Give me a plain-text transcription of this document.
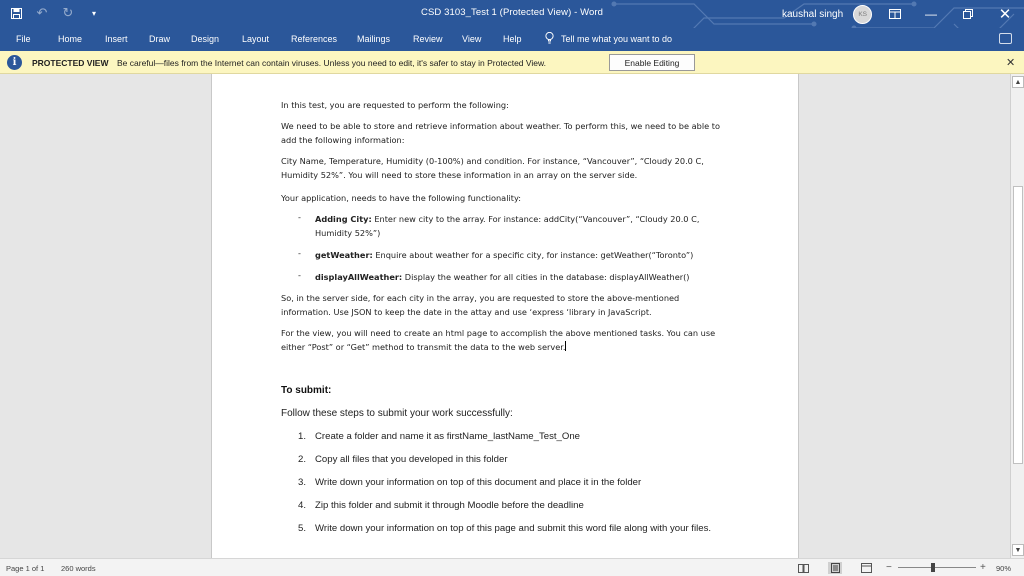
↶ ↻	▾	CSD 3103_Test 1 (Protected View) - Word	kaushal singh	KS	—	✕
File	Home	Insert Draw Design	Layout References Mailings	Review View Help	Tell me what you want to do
i	PROTECTED VIEW Be careful—files from the Internet can contain viruses. Unless you need to edit, it's safer to stay in Protected View.	Enable Editing	✕
In this test, you are requested to perform the following:
We need to be able to store and retrieve information about weather. To perform this, we need to be able to add the following information:
City Name, Temperature, Humidity (0-100%) and condition. For instance, “Vancouver”, “Cloudy 20.0 C, Humidity 52%”. You will need to store these information in an array on the server side.
Your application, needs to have the following functionality:
-	Adding City: Enter new city to the array. For instance: addCity(“Vancouver”, “Cloudy 20.0 C, Humidity 52%”)
-	getWeather: Enquire about weather for a specific city, for instance: getWeather(“Toronto”)
-	displayAllWeather: Display the weather for all cities in the database: displayAllWeather()
So, in the server side, for each city in the array, you are requested to store the above-mentioned information. Use JSON to keep the date in the attay and use ‘express ‘library in JavaScript.
For the view, you will need to create an html page to accomplish the above mentioned tasks. You can use either “Post” or “Get” method to transmit the data to the web server.
To submit:
Follow these steps to submit your work successfully:
1. Create a folder and name it as firstName_lastName_Test_One
2. Copy all files that you developed in this folder
3. Write down your information on top of this document and place it in the folder
4. Zip this folder and submit it through Moodle before the deadline
5. Write down your information on top of this page and submit this word file along with your files.
▲
▼
Page 1 of 1 260 words	−	+ 90%
